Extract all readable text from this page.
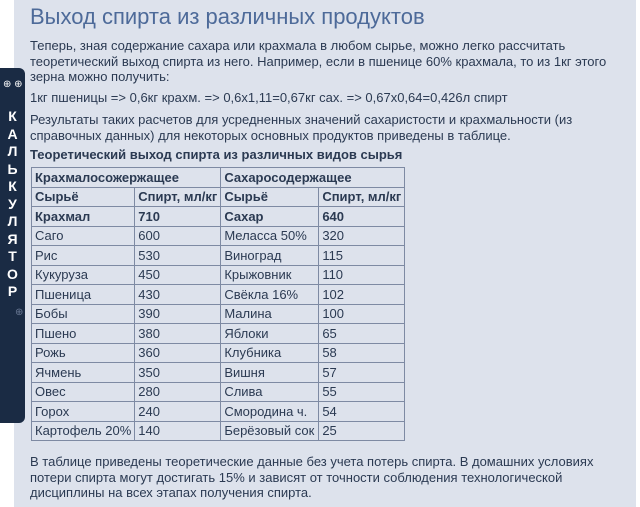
Выход спирта из различных продуктов

Теперь, зная содержание сахара или крахмала в любом сырье, можно легко рассчитать теоретический выход спирта из него. Например, если в пшенице 60% крахмала, то из 1кг этого зерна можно получить:

1кг пшеницы => 0,6кг крахм. => 0,6х1,11=0,67кг сах. => 0,67х0,64=0,426л спирт

Результаты таких расчетов для усредненных значений сахаристости и крахмальности (из справочных данных) для некоторых основных продуктов приведены в таблице.

Теоретический выход спирта из различных видов сырья

Крахмалосожержащее		Сахаросодержащее	
Сырьё	Спирт, мл/кг	Сырьё	Спирт, мл/кг
Крахмал	710	Сахар	640
Саго	600	Меласса 50%	320
Рис	530	Виноград	115
Кукуруза	450	Крыжовник	110
Пшеница	430	Свёкла 16%	102
Бобы	390	Малина	100
Пшено	380	Яблоки	65
Рожь	360	Клубника	58
Ячмень	350	Вишня	57
Овес	280	Слива	55
Горох	240	Смородина ч.	54
Картофель 20%	140	Берёзовый сок	25

В таблице приведены теоретические данные без учета потерь спирта. В домашних условиях потери спирта могут достигать 15% и зависят от точности соблюдения технологической дисциплины на всех этапах получения спирта.

⊕ ⊕
К
А
Л
Ь
К
У
Л
Я
Т
О
Р
⊕
